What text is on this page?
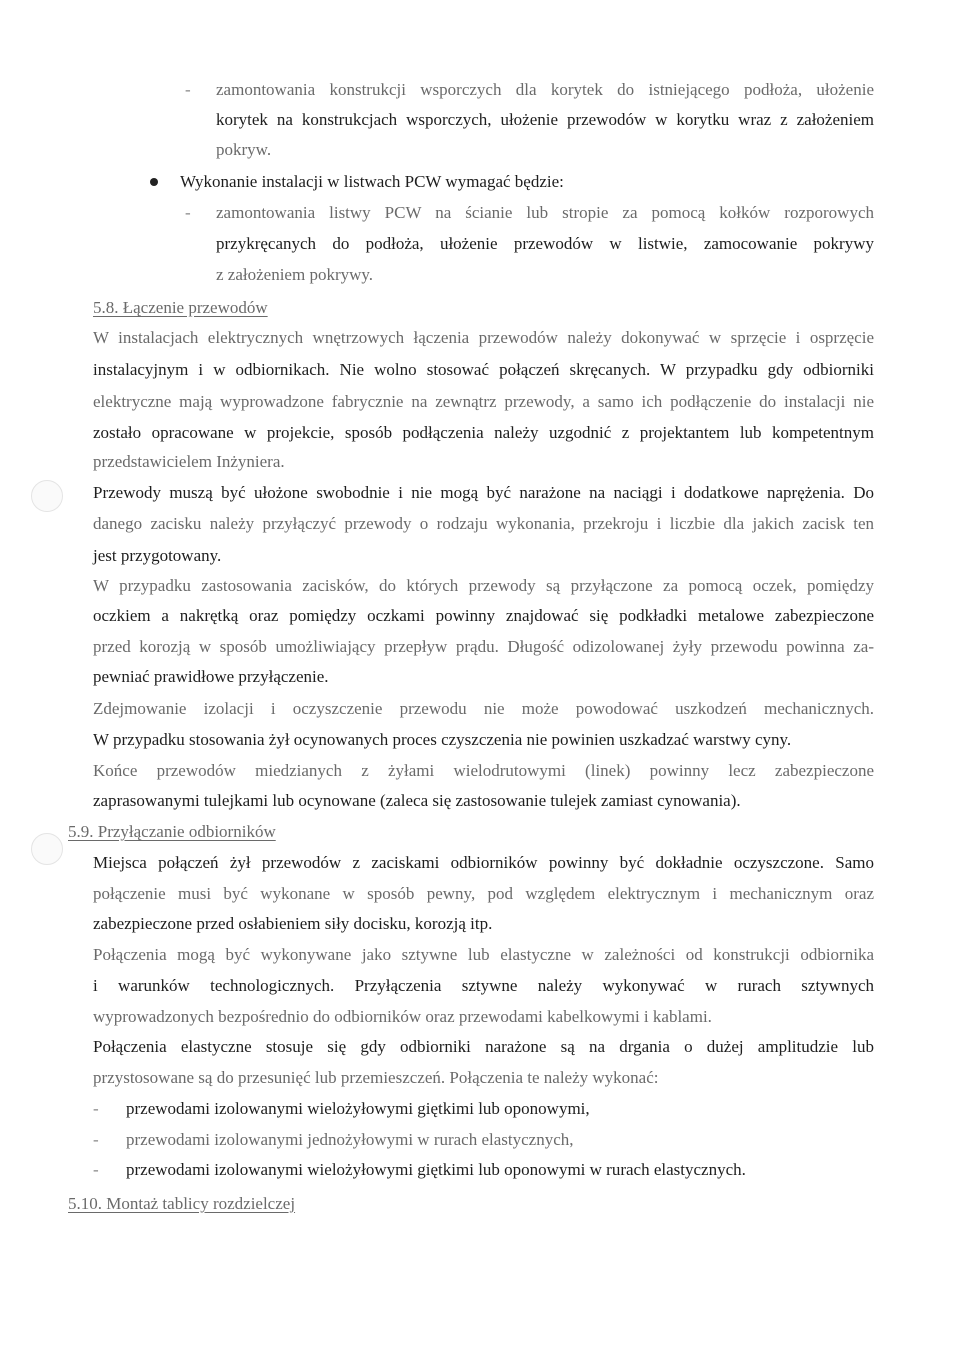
- zamontowania konstrukcji wsporczych dla korytek do istniejącego podłoża, ułożenie

korytek na konstrukcjach wsporczych, ułożenie przewodów w korytku wraz z założeniem

pokryw.

Wykonanie instalacji w listwach PCW wymagać będzie:

- zamontowania listwy PCW na ścianie lub stropie za pomocą kołków rozporowych

przykręcanych do podłoża, ułożenie przewodów w listwie, zamocowanie pokrywy

z założeniem pokrywy.

5.8. Łączenie przewodów

W instalacjach elektrycznych wnętrzowych łączenia przewodów należy dokonywać w sprzęcie i osprzęcie

instalacyjnym i w odbiornikach. Nie wolno stosować połączeń skręcanych. W przypadku gdy odbiorniki

elektryczne mają wyprowadzone fabrycznie na zewnątrz przewody, a samo ich podłączenie do instalacji nie

zostało opracowane w projekcie, sposób podłączenia należy uzgodnić z projektantem lub kompetentnym

przedstawicielem Inżyniera.

Przewody muszą być ułożone swobodnie i nie mogą być narażone na naciągi i dodatkowe naprężenia. Do

danego zacisku należy przyłączyć przewody o rodzaju wykonania, przekroju i liczbie dla jakich zacisk ten

jest przygotowany.

W przypadku zastosowania zacisków, do których przewody są przyłączone za pomocą oczek, pomiędzy

oczkiem a nakrętką oraz pomiędzy oczkami powinny znajdować się podkładki metalowe zabezpieczone

przed korozją w sposób umożliwiający przepływ prądu. Długość odizolowanej żyły przewodu powinna za-

pewniać prawidłowe przyłączenie.

Zdejmowanie izolacji i oczyszczenie przewodu nie może powodować uszkodzeń mechanicznych.

W przypadku stosowania żył ocynowanych proces czyszczenia nie powinien uszkadzać warstwy cyny.

Końce przewodów miedzianych z żyłami wielodrutowymi (linek) powinny lecz zabezpieczone

zaprasowanymi tulejkami lub ocynowane (zaleca się zastosowanie tulejek zamiast cynowania).

5.9. Przyłączanie odbiorników

Miejsca połączeń żył przewodów z zaciskami odbiorników powinny być dokładnie oczyszczone. Samo

połączenie musi być wykonane w sposób pewny, pod względem elektrycznym i mechanicznym oraz

zabezpieczone przed osłabieniem siły docisku, korozją itp.

Połączenia mogą być wykonywane jako sztywne lub elastyczne w zależności od konstrukcji odbiornika

i warunków technologicznych. Przyłączenia sztywne należy wykonywać w rurach sztywnych

wyprowadzonych bezpośrednio do odbiorników oraz przewodami kabelkowymi i kablami.

Połączenia elastyczne stosuje się gdy odbiorniki narażone są na drgania o dużej amplitudzie lub

przystosowane są do przesunięć lub przemieszczeń. Połączenia te należy wykonać:

- przewodami izolowanymi wielożyłowymi giętkimi lub oponowymi,

- przewodami izolowanymi jednożyłowymi w rurach elastycznych,

- przewodami izolowanymi wielożyłowymi giętkimi lub oponowymi w rurach elastycznych.

5.10. Montaż tablicy rozdzielczej
